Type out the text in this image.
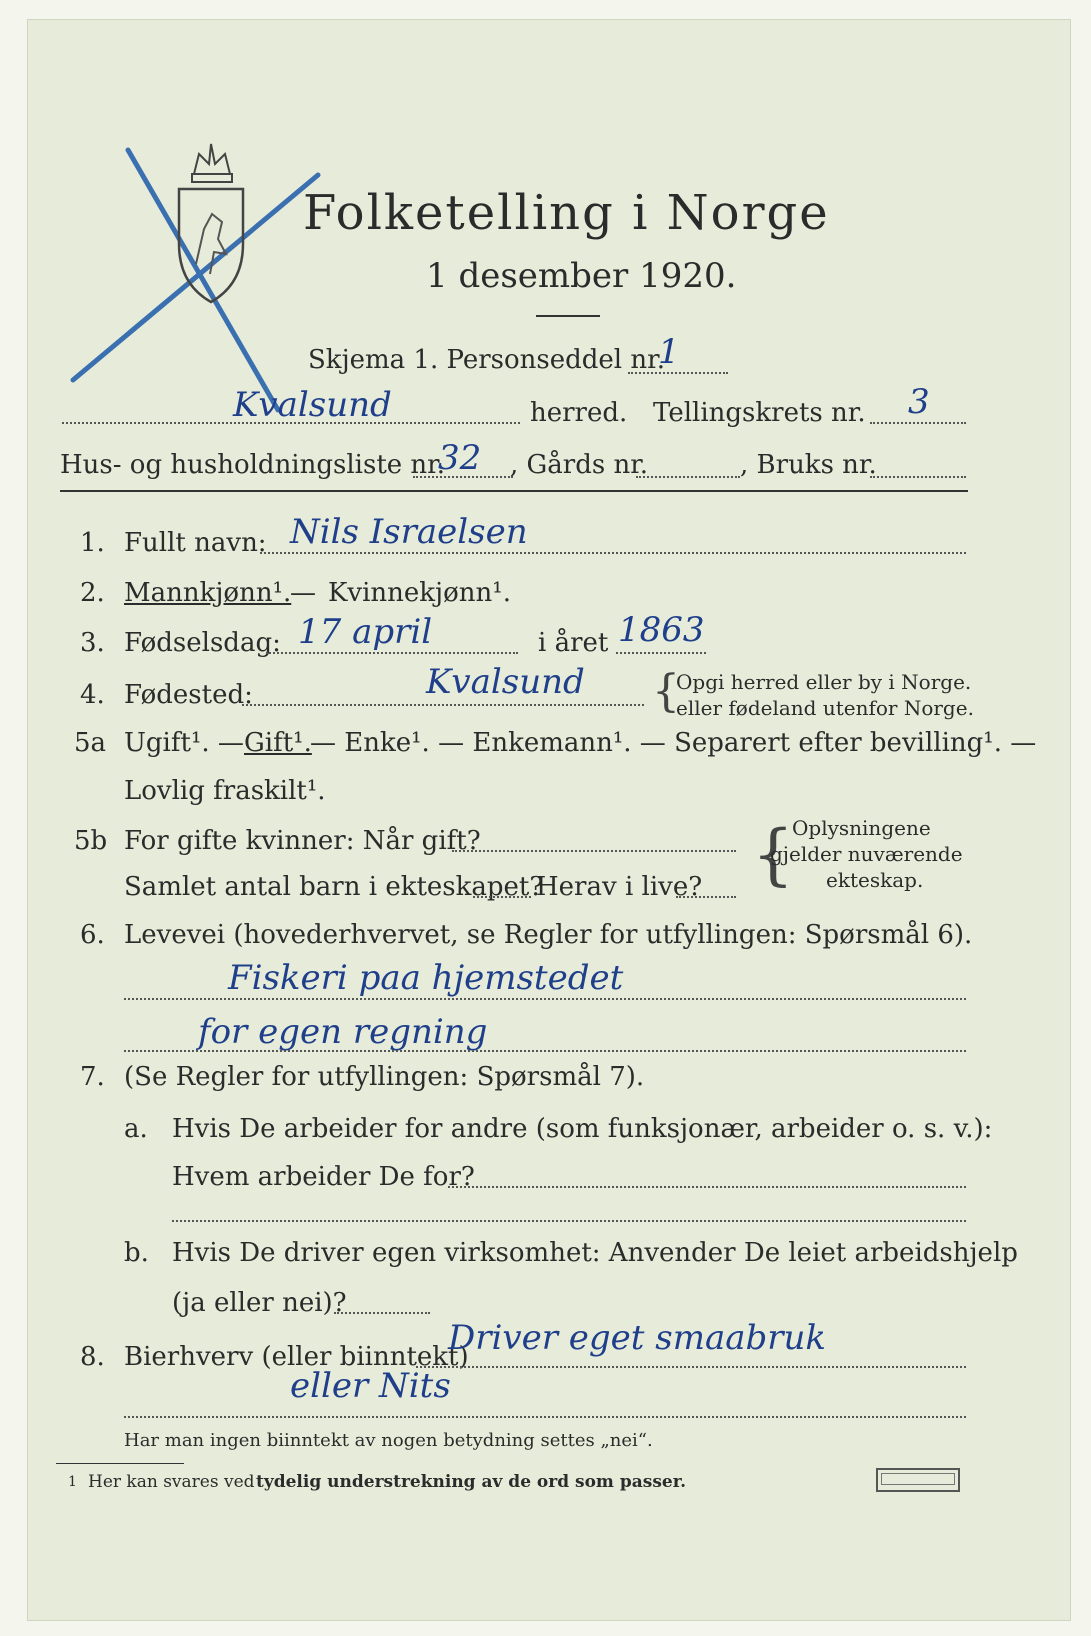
Folketelling i Norge
1 desember 1920.
Skjema 1. Personseddel nr.
1
Kvalsund	herred. Tellingskrets nr. 3
Hus- og husholdningsliste nr.
32 , Gårds nr.	, Bruks nr.
1. Fullt navn: Nils Israelsen
2. Mannkjønn¹.
— Kvinnekjønn¹.
3. Fødselsdag: 17 april	i året 1863
4. Fødested:	Kvalsund {
Opgi herred eller by i Norge.
eller fødeland utenfor Norge.
5a Ugift¹. — Gift¹.
— Enke¹. — Enkemann¹. — Separert efter bevilling¹. —
Lovlig fraskilt¹.
5b For gifte kvinner: Når gift?
Samlet antal barn i ekteskapet?
Herav i live? {
Oplysningene
gjelder nuværende
ekteskap.
6. Levevei (hovederhvervet, se Regler for utfyllingen: Spørsmål 6).
Fiskeri paa hjemstedet
for egen regning
7. (Se Regler for utfyllingen: Spørsmål 7).
a. Hvis De arbeider for andre (som funksjonær, arbeider o. s. v.):
Hvem arbeider De for?
b. Hvis De driver egen virksomhet: Anvender De leiet arbeidshjelp
(ja eller nei)?
8. Bierhverv (eller biinntekt)
Driver eget smaabruk
eller Nits
Har man ingen biinntekt av nogen betydning settes „nei“.
1 Her kan svares ved tydelig understrekning av de ord som passer.
